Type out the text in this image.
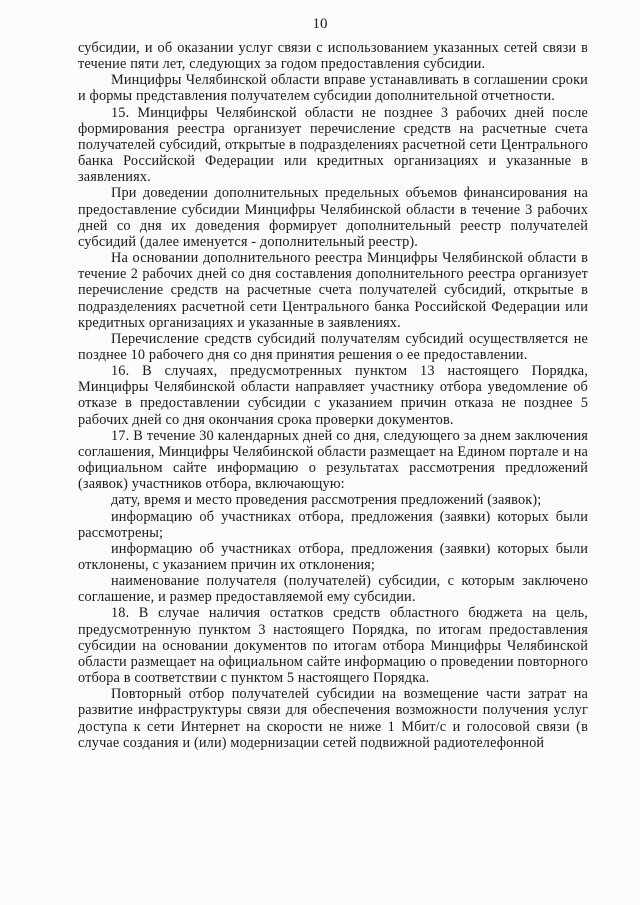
10

субсидии, и об оказании услуг связи с использованием указанных сетей связи в течение пяти лет, следующих за годом предоставления субсидии.

Минцифры Челябинской области вправе устанавливать в соглашении сроки и формы представления получателем субсидии дополнительной отчетности.

15. Минцифры Челябинской области не позднее 3 рабочих дней после формирования реестра организует перечисление средств на расчетные счета получателей субсидий, открытые в подразделениях расчетной сети Центрального банка Российской Федерации или кредитных организациях и указанные в заявлениях.

При доведении дополнительных предельных объемов финансирования на предоставление субсидии Минцифры Челябинской области в течение 3 рабочих дней со дня их доведения формирует дополнительный реестр получателей субсидий (далее именуется - дополнительный реестр).

На основании дополнительного реестра Минцифры Челябинской области в течение 2 рабочих дней со дня составления дополнительного реестра организует перечисление средств на расчетные счета получателей субсидий, открытые в подразделениях расчетной сети Центрального банка Российской Федерации или кредитных организациях и указанные в заявлениях.

Перечисление средств субсидий получателям субсидий осуществляется не позднее 10 рабочего дня со дня принятия решения о ее предоставлении.

16. В случаях, предусмотренных пунктом 13 настоящего Порядка, Минцифры Челябинской области направляет участнику отбора уведомление об отказе в предоставлении субсидии с указанием причин отказа не позднее 5 рабочих дней со дня окончания срока проверки документов.

17. В течение 30 календарных дней со дня, следующего за днем заключения соглашения, Минцифры Челябинской области размещает на Едином портале и на официальном сайте информацию о результатах рассмотрения предложений (заявок) участников отбора, включающую:

дату, время и место проведения рассмотрения предложений (заявок);

информацию об участниках отбора, предложения (заявки) которых были рассмотрены;

информацию об участниках отбора, предложения (заявки) которых были отклонены, с указанием причин их отклонения;

наименование получателя (получателей) субсидии, с которым заключено соглашение, и размер предоставляемой ему субсидии.

18. В случае наличия остатков средств областного бюджета на цель, предусмотренную пунктом 3 настоящего Порядка, по итогам предоставления субсидии на основании документов по итогам отбора Минцифры Челябинской области размещает на официальном сайте информацию о проведении повторного отбора в соответствии с пунктом 5 настоящего Порядка.

Повторный отбор получателей субсидии на возмещение части затрат на развитие инфраструктуры связи для обеспечения возможности получения услуг доступа к сети Интернет на скорости не ниже 1 Мбит/с и голосовой связи (в случае создания и (или) модернизации сетей подвижной радиотелефонной
